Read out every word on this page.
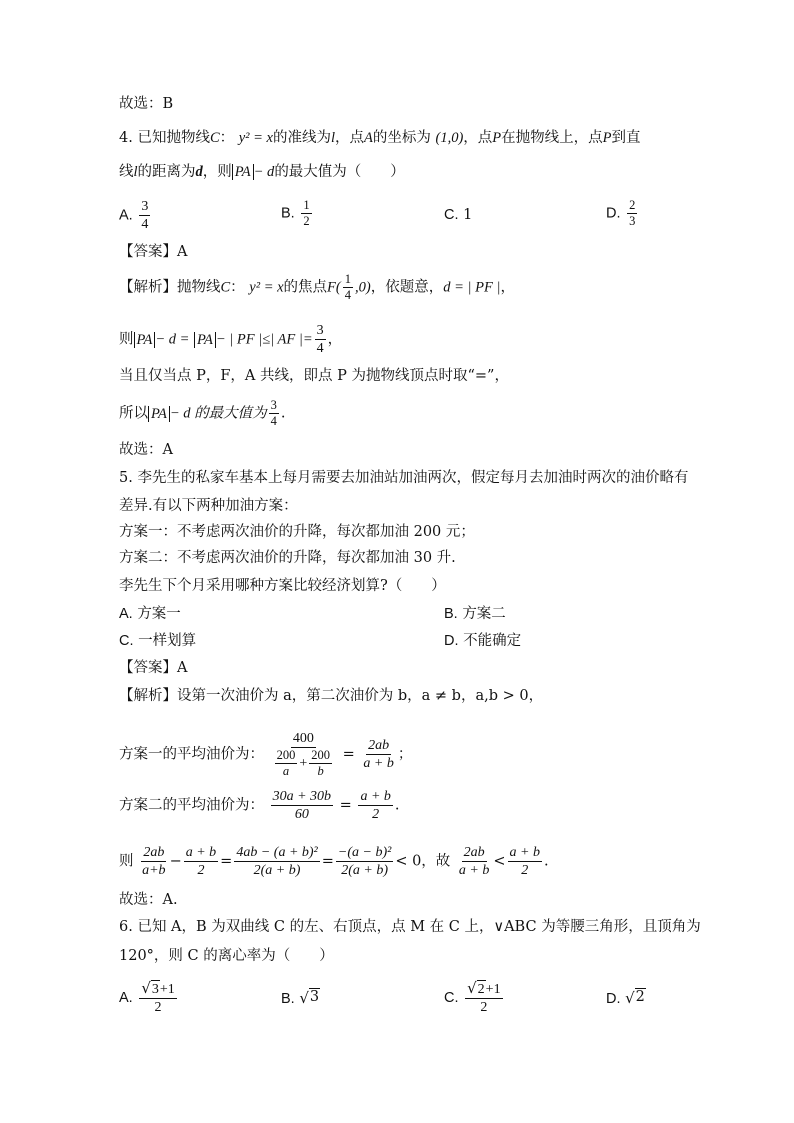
故选：B
4. 已知抛物线C： y² = x的准线为l，点A的坐标为 (1,0)，点P在抛物线上，点P到直
线l的距离为d，则 PA − d的最大值为（　　）
A. $\frac{3}{4}$	B. $\frac{1}{2}$	C. 1	D. $\frac{2}{3}$
【答案】A
【解析】抛物线C： y² = x的焦点$F( \frac{1}{4} ,0)$，依题意，d = | PF |，
则 PA − d = PA − | PF |≤| AF |= $\frac{3}{4}$ ，
当且仅当点 P，F，A 共线，即点 P 为抛物线顶点时取“=”，
所以 PA − d 的最大值为 $\frac{3}{4}$ .
故选：A
5. 李先生的私家车基本上每月需要去加油站加油两次，假定每月去加油时两次的油价略有
差异.有以下两种加油方案：
方案一：不考虑两次油价的升降，每次都加油 200 元；
方案二：不考虑两次油价的升降，每次都加油 30 升.
李先生下个月采用哪种方案比较经济划算?（　　）
A. 方案一	B. 方案二
C. 一样划算	D. 不能确定
【答案】A
【解析】设第一次油价为 a，第二次油价为 b，a ≠ b，a,b > 0，
方案一的平均油价为： $\frac{400}{\frac{200}{a} + \frac{200}{b}} = \frac{2ab}{a + b}$ ；
方案二的平均油价为： $\frac{30a + 30b}{60} = \frac{a + b}{2}$ .
则 $\frac{2ab}{a+b} - \frac{a + b}{2} = \frac{\text{4ab − (a + b)²}}{2(a + b)} = \frac{\text{−(a − b)²}}{2(a + b)} < 0$，故 $\frac{2ab}{a + b} < \frac{a + b}{2}$ .
故选：A.
6. 已知 A，B 为双曲线 C 的左、右顶点，点 M 在 C 上，∨ABC 为等腰三角形，且顶角为
120°，则 C 的离心率为（　　）
A. $\frac{√ 3 +1}{2}$	B. √ 3	C. $\frac{√ 2 +1}{2}$	D. √ 2
